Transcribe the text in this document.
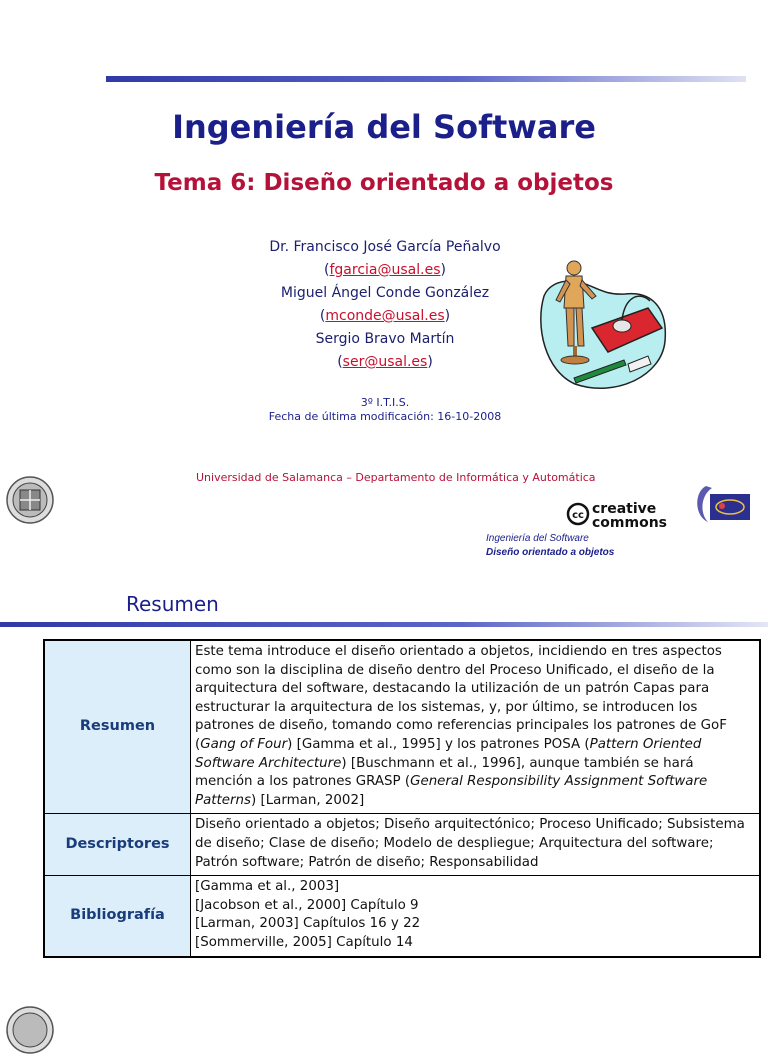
Ingeniería del Software
Tema 6: Diseño orientado a objetos
Dr. Francisco José García Peñalvo
(fgarcia@usal.es)
Miguel Ángel Conde González
(mconde@usal.es)
Sergio Bravo Martín
(ser@usal.es)
3º I.T.I.S.
Fecha de última modificación: 16-10-2008
Universidad de Salamanca – Departamento de Informática y Automática
cc creative
commons
Ingeniería del Software
Diseño orientado a objetos
Resumen
Resumen	Este tema introduce el diseño orientado a objetos, incidiendo en tres aspectos como son la disciplina de diseño dentro del Proceso Unificado, el diseño de la arquitectura del software, destacando la utilización de un patrón Capas para estructurar la arquitectura de los sistemas, y, por último, se introducen los patrones de diseño, tomando como referencias principales los patrones de GoF (Gang of Four) [Gamma et al., 1995] y los patrones POSA (Pattern Oriented Software Architecture) [Buschmann et al., 1996], aunque también se hará mención a los patrones GRASP (General Responsibility Assignment Software Patterns) [Larman, 2002]
Descriptores	Diseño orientado a objetos; Diseño arquitectónico; Proceso Unificado; Subsistema de diseño; Clase de diseño; Modelo de despliegue; Arquitectura del software; Patrón software; Patrón de diseño; Responsabilidad
Bibliografía	[Gamma et al., 2003]
[Jacobson et al., 2000] Capítulo 9
[Larman, 2003] Capítulos 16 y 22
[Sommerville, 2005] Capítulo 14
